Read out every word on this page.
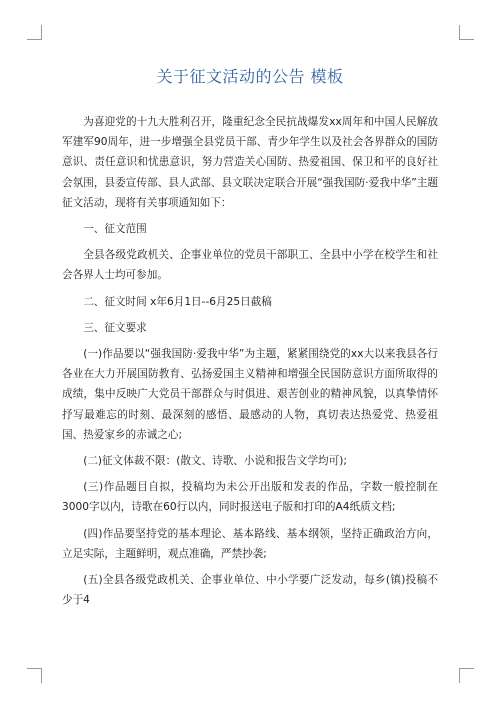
关于征文活动的公告 模板

为喜迎党的十九大胜利召开，隆重纪念全民抗战爆发xx周年和中国人民解放军建军90周年，进一步增强全县党员干部、青少年学生以及社会各界群众的国防意识、责任意识和忧患意识，努力营造关心国防、热爱祖国、保卫和平的良好社会氛围，县委宣传部、县人武部、县文联决定联合开展“强我国防·爱我中华”主题征文活动，现将有关事项通知如下：

一、征文范围

全县各级党政机关、企事业单位的党员干部职工、全县中小学在校学生和社会各界人士均可参加。

二、征文时间 x年6月1日--6月25日截稿

三、征文要求

(一)作品要以“强我国防·爱我中华”为主题，紧紧围绕党的xx大以来我县各行各业在大力开展国防教育、弘扬爱国主义精神和增强全民国防意识方面所取得的成绩，集中反映广大党员干部群众与时俱进、艰苦创业的精神风貌，以真挚情怀抒写最难忘的时刻、最深刻的感悟、最感动的人物，真切表达热爱党、热爱祖国、热爱家乡的赤诚之心;

(二)征文体裁不限：(散文、诗歌、小说和报告文学均可);

(三)作品题目自拟，投稿均为未公开出版和发表的作品，字数一般控制在3000字以内，诗歌在60行以内，同时报送电子版和打印的A4纸质文档;

(四)作品要坚持党的基本理论、基本路线、基本纲领，坚持正确政治方向，立足实际，主题鲜明，观点准确，严禁抄袭;

(五)全县各级党政机关、企事业单位、中小学要广泛发动，每乡(镇)投稿不少于4
